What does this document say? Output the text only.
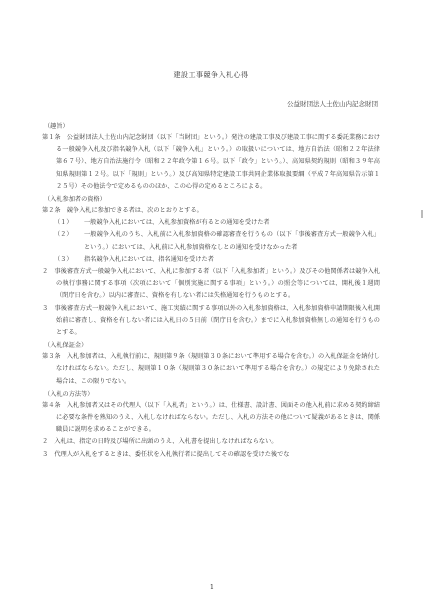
建設工事競争入札心得
公益財団法人土佐山内記念財団
（趣旨）

第１条　公益財団法人土佐山内記念財団（以下「当財団」という。）発注の建設工事及び建設工事に関する委託業務における一般競争入札及び指名競争入札（以下「競争入札」という。）の取扱いについては、地方自治法（昭和２２年法律第６７号）、地方自治法施行令（昭和２２年政令第１６号。以下「政令」という。）、高知県契約規則（昭和３９年高知県規則第１２号。以下「規則」という。）及び高知県特定建設工事共同企業体取扱要綱（平成７年高知県告示第１２５号）その他法令で定めるもののほか、この心得の定めるところによる。

（入札参加者の資格）

第２条　競争入札に参加できる者は、次のとおりとする。

（１）	一般競争入札においては、入札参加資格が有るとの通知を受けた者
（２）	一般競争入札のうち、入札前に入札参加資格の確認審査を行うもの（以下「事後審査方式一般競争入札」という。）においては、入札前に入札参加資格なしとの通知を受けなかった者
（３）	指名競争入札においては、指名通知を受けた者

２　事後審査方式一般競争入札において、入札に参加する者（以下「入札参加者」という。）及びその他関係者は競争入札の執行事務に関する事項（次項において「個別実施に関する事項」という。）の照会等については、開札後１週間（閉庁日を含む。）以内に審査に、資格を有しない者には失格通知を行うものとする。

３　事後審査方式一般競争入札において、施工実績に関する事項以外の入札参加資格は、入札参加資格申請期限後入札開始前に審査し、資格を有しない者には入札日の５日前（閉庁日を含む。）までに入札参加資格無しの通知を行うものとする。

（入札保証金）

第３条　入札参加者は、入札執行前に、規則第９条（規則第３０条において準用する場合を含む。）の入札保証金を納付しなければならない。ただし、規則第１０条（規則第３０条において準用する場合を含む。）の規定により免除された場合は、この限りでない。

（入札の方法等）

第４条　入札参加者又はその代理人（以下「入札者」という。）は、仕様書、設計書、図面その他入札前に求める契約締結に必要な条件を熟知のうえ、入札しなければならない。ただし、入札の方法その他について疑義があるときは、関係職員に説明を求めることができる。

２　入札は、指定の日時及び場所に出頭のうえ、入札書を提出しなければならない。

３　代理人が入札をするときは、委任状を入札執行者に提出してその確認を受けた後でな

1
